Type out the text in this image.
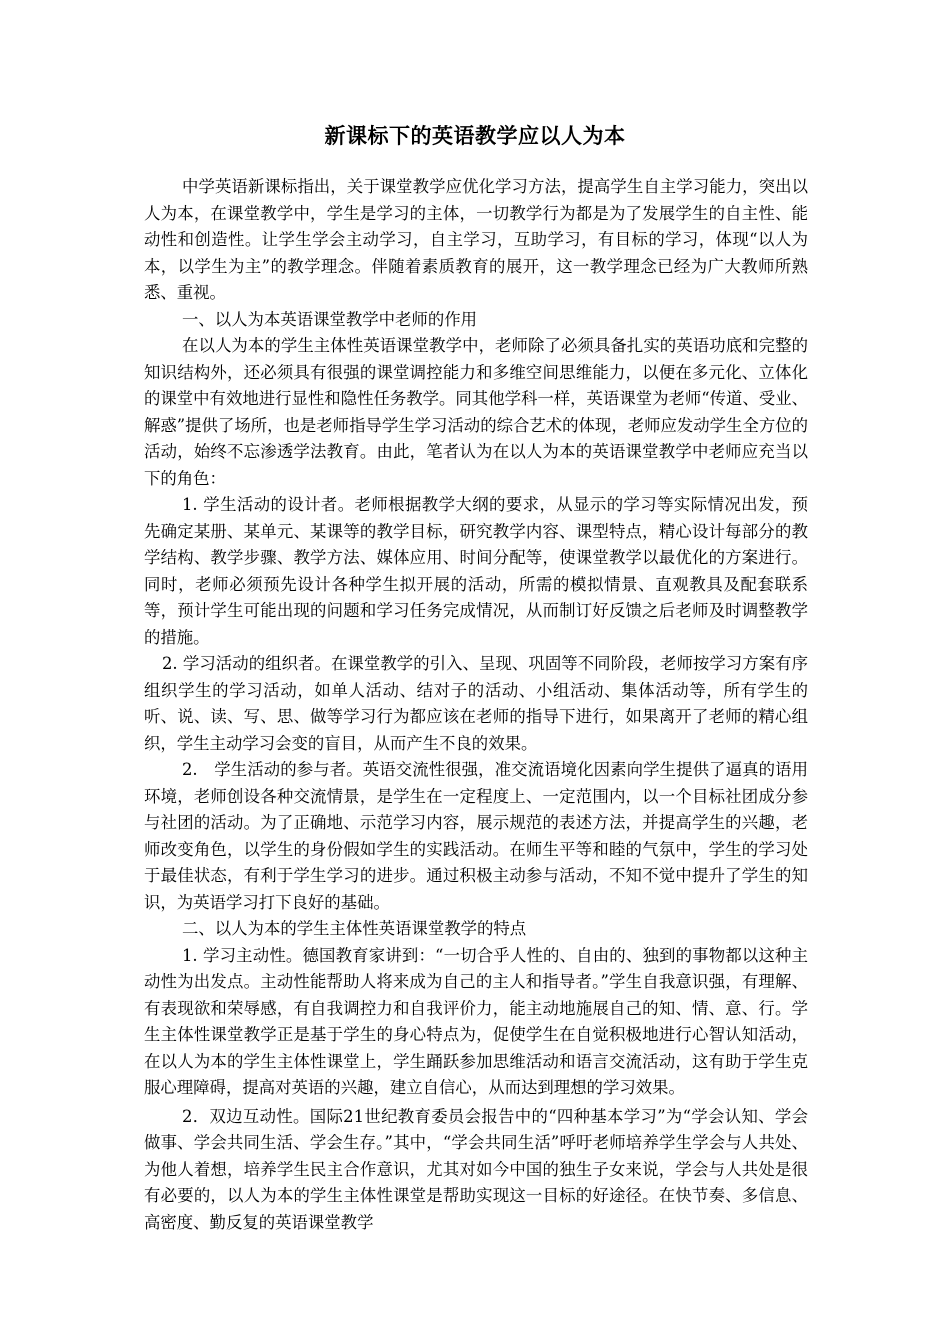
新课标下的英语教学应以人为本

中学英语新课标指出，关于课堂教学应优化学习方法，提高学生自主学习能力，突出以人为本，在课堂教学中，学生是学习的主体，一切教学行为都是为了发展学生的自主性、能动性和创造性。让学生学会主动学习，自主学习，互助学习，有目标的学习，体现“以人为本，以学生为主”的教学理念。伴随着素质教育的展开，这一教学理念已经为广大教师所熟悉、重视。

一、以人为本英语课堂教学中老师的作用

在以人为本的学生主体性英语课堂教学中，老师除了必须具备扎实的英语功底和完整的知识结构外，还必须具有很强的课堂调控能力和多维空间思维能力，以便在多元化、立体化的课堂中有效地进行显性和隐性任务教学。同其他学科一样，英语课堂为老师“传道、受业、解惑”提供了场所，也是老师指导学生学习活动的综合艺术的体现，老师应发动学生全方位的活动，始终不忘渗透学法教育。由此，笔者认为在以人为本的英语课堂教学中老师应充当以下的角色：

1. 学生活动的设计者。老师根据教学大纲的要求，从显示的学习等实际情况出发，预先确定某册、某单元、某课等的教学目标，研究教学内容、课型特点，精心设计每部分的教学结构、教学步骤、教学方法、媒体应用、时间分配等，使课堂教学以最优化的方案进行。同时，老师必须预先设计各种学生拟开展的活动，所需的模拟情景、直观教具及配套联系等，预计学生可能出现的问题和学习任务完成情况，从而制订好反馈之后老师及时调整教学的措施。

2. 学习活动的组织者。在课堂教学的引入、呈现、巩固等不同阶段，老师按学习方案有序组织学生的学习活动，如单人活动、结对子的活动、小组活动、集体活动等，所有学生的听、说、读、写、思、做等学习行为都应该在老师的指导下进行，如果离开了老师的精心组织，学生主动学习会变的盲目，从而产生不良的效果。

2.　学生活动的参与者。英语交流性很强，准交流语境化因素向学生提供了逼真的语用环境，老师创设各种交流情景，是学生在一定程度上、一定范围内，以一个目标社团成分参与社团的活动。为了正确地、示范学习内容，展示规范的表述方法，并提高学生的兴趣，老师改变角色，以学生的身份假如学生的实践活动。在师生平等和睦的气氛中，学生的学习处于最佳状态，有利于学生学习的进步。通过积极主动参与活动，不知不觉中提升了学生的知识，为英语学习打下良好的基础。

二、以人为本的学生主体性英语课堂教学的特点

1. 学习主动性。德国教育家讲到：“一切合乎人性的、自由的、独到的事物都以这种主动性为出发点。主动性能帮助人将来成为自己的主人和指导者。”学生自我意识强，有理解、有表现欲和荣辱感，有自我调控力和自我评价力，能主动地施展自己的知、情、意、行。学生主体性课堂教学正是基于学生的身心特点为，促使学生在自觉积极地进行心智认知活动，在以人为本的学生主体性课堂上，学生踊跃参加思维活动和语言交流活动，这有助于学生克服心理障碍，提高对英语的兴趣，建立自信心，从而达到理想的学习效果。

2．双边互动性。国际21世纪教育委员会报告中的“四种基本学习”为“学会认知、学会做事、学会共同生活、学会生存。”其中，“学会共同生活”呼吁老师培养学生学会与人共处、为他人着想，培养学生民主合作意识，尤其对如今中国的独生子女来说，学会与人共处是很有必要的，以人为本的学生主体性课堂是帮助实现这一目标的好途径。在快节奏、多信息、高密度、勤反复的英语课堂教学
